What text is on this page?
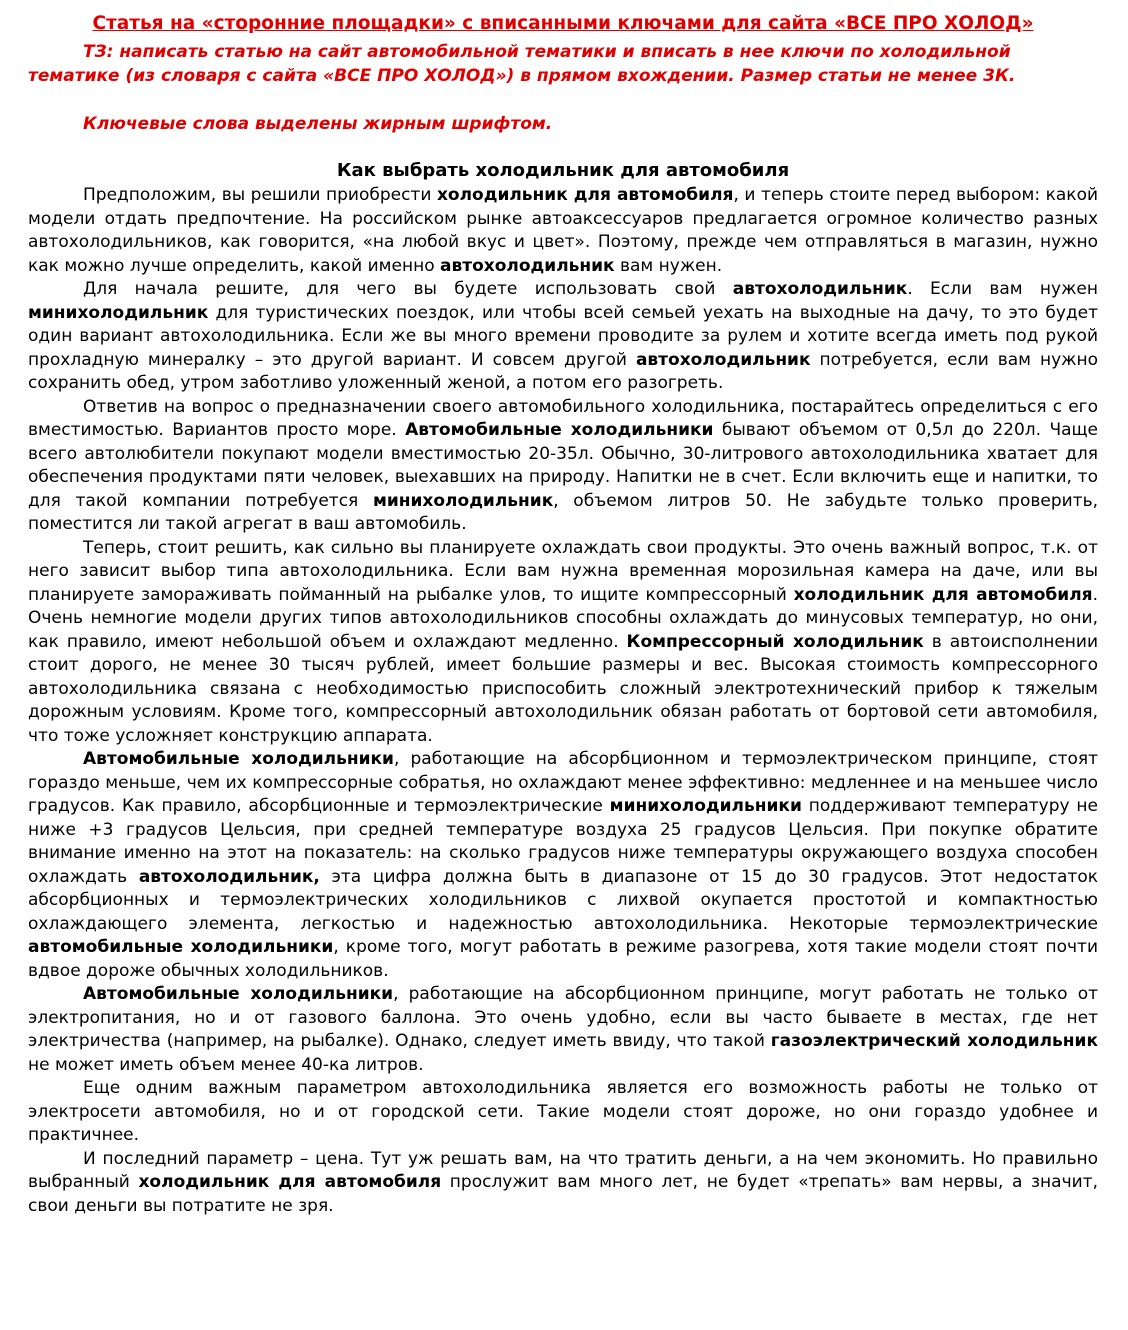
Статья на «сторонние площадки» с вписанными ключами для сайта «ВСЕ ПРО ХОЛОД»

ТЗ: написать статью на сайт автомобильной тематики и вписать в нее ключи по холодильной тематике (из словаря с сайта «ВСЕ ПРО ХОЛОД») в прямом вхождении. Размер статьи не менее 3К.

Ключевые слова выделены жирным шрифтом.

Как выбрать холодильник для автомобиля

Предположим, вы решили приобрести холодильник для автомобиля, и теперь стоите перед выбором: какой модели отдать предпочтение. На российском рынке автоаксессуаров предлагается огромное количество разных автохолодильников, как говорится, «на любой вкус и цвет». Поэтому, прежде чем отправляться в магазин, нужно как можно лучше определить, какой именно автохолодильник вам нужен.

Для начала решите, для чего вы будете использовать свой автохолодильник. Если вам нужен минихолодильник для туристических поездок, или чтобы всей семьей уехать на выходные на дачу, то это будет один вариант автохолодильника. Если же вы много времени проводите за рулем и хотите всегда иметь под рукой прохладную минералку – это другой вариант. И совсем другой автохолодильник потребуется, если вам нужно сохранить обед, утром заботливо уложенный женой, а потом его разогреть.

Ответив на вопрос о предназначении своего автомобильного холодильника, постарайтесь определиться с его вместимостью. Вариантов просто море. Автомобильные холодильники бывают объемом от 0,5л до 220л. Чаще всего автолюбители покупают модели вместимостью 20-35л. Обычно, 30-литрового автохолодильника хватает для обеспечения продуктами пяти человек, выехавших на природу. Напитки не в счет. Если включить еще и напитки, то для такой компании потребуется минихолодильник, объемом литров 50. Не забудьте только проверить, поместится ли такой агрегат в ваш автомобиль.

Теперь, стоит решить, как сильно вы планируете охлаждать свои продукты. Это очень важный вопрос, т.к. от него зависит выбор типа автохолодильника. Если вам нужна временная морозильная камера на даче, или вы планируете замораживать пойманный на рыбалке улов, то ищите компрессорный холодильник для автомобиля. Очень немногие модели других типов автохолодильников способны охлаждать до минусовых температур, но они, как правило, имеют небольшой объем и охлаждают медленно. Компрессорный холодильник в автоисполнении стоит дорого, не менее 30 тысяч рублей, имеет большие размеры и вес. Высокая стоимость компрессорного автохолодильника связана с необходимостью приспособить сложный электротехнический прибор к тяжелым дорожным условиям. Кроме того, компрессорный автохолодильник обязан работать от бортовой сети автомобиля, что тоже усложняет конструкцию аппарата.

Автомобильные холодильники, работающие на абсорбционном и термоэлектрическом принципе, стоят гораздо меньше, чем их компрессорные собратья, но охлаждают менее эффективно: медленнее и на меньшее число градусов. Как правило, абсорбционные и термоэлектрические минихолодильники поддерживают температуру не ниже +3 градусов Цельсия, при средней температуре воздуха 25 градусов Цельсия. При покупке обратите внимание именно на этот на показатель: на сколько градусов ниже температуры окружающего воздуха способен охлаждать автохолодильник, эта цифра должна быть в диапазоне от 15 до 30 градусов. Этот недостаток абсорбционных и термоэлектрических холодильников с лихвой окупается простотой и компактностью охлаждающего элемента, легкостью и надежностью автохолодильника. Некоторые термоэлектрические автомобильные холодильники, кроме того, могут работать в режиме разогрева, хотя такие модели стоят почти вдвое дороже обычных холодильников.

Автомобильные холодильники, работающие на абсорбционном принципе, могут работать не только от электропитания, но и от газового баллона. Это очень удобно, если вы часто бываете в местах, где нет электричества (например, на рыбалке). Однако, следует иметь ввиду, что такой газоэлектрический холодильник не может иметь объем менее 40-ка литров.

Еще одним важным параметром автохолодильника является его возможность работы не только от электросети автомобиля, но и от городской сети. Такие модели стоят дороже, но они гораздо удобнее и практичнее.

И последний параметр – цена. Тут уж решать вам, на что тратить деньги, а на чем экономить. Но правильно выбранный холодильник для автомобиля прослужит вам много лет, не будет «трепать» вам нервы, а значит, свои деньги вы потратите не зря.
